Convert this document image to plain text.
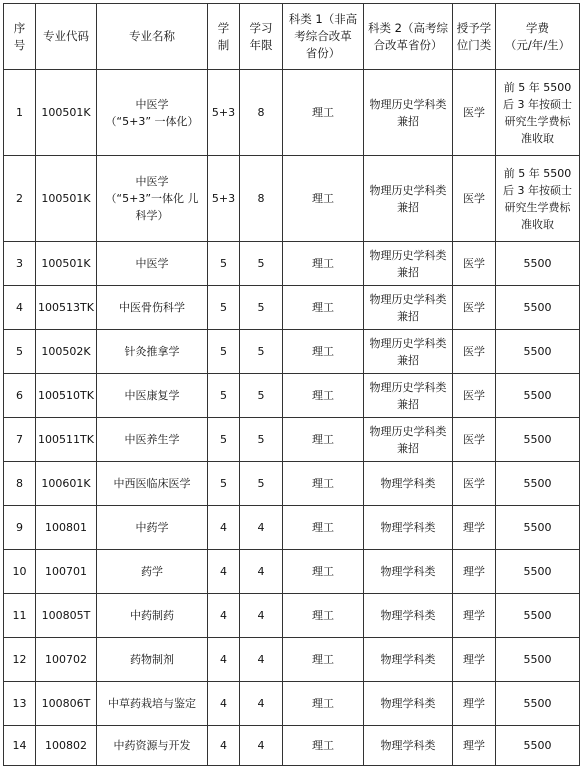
序
号	专业代码	专业名称	学
制	学习
年限	科类 1（非高
考综合改革
省份）	科类 2（高考综
合改革省份）	授予学
位门类	学费
（元/年/生）
1	100501K	中医学
（“5+3” 一体化）	5+3	8	理工	物理历史学科类
兼招	医学	前 5 年 5500
后 3 年按硕士
研究生学费标
准收取
2	100501K	中医学
（“5+3”一体化 儿
科学）	5+3	8	理工	物理历史学科类
兼招	医学	前 5 年 5500
后 3 年按硕士
研究生学费标
准收取
3	100501K	中医学	5	5	理工	物理历史学科类
兼招	医学	5500
4	100513TK	中医骨伤科学	5	5	理工	物理历史学科类
兼招	医学	5500
5	100502K	针灸推拿学	5	5	理工	物理历史学科类
兼招	医学	5500
6	100510TK	中医康复学	5	5	理工	物理历史学科类
兼招	医学	5500
7	100511TK	中医养生学	5	5	理工	物理历史学科类
兼招	医学	5500
8	100601K	中西医临床医学	5	5	理工	物理学科类	医学	5500
9	100801	中药学	4	4	理工	物理学科类	理学	5500
10	100701	药学	4	4	理工	物理学科类	理学	5500
11	100805T	中药制药	4	4	理工	物理学科类	理学	5500
12	100702	药物制剂	4	4	理工	物理学科类	理学	5500
13	100806T	中草药栽培与鉴定	4	4	理工	物理学科类	理学	5500
14	100802	中药资源与开发	4	4	理工	物理学科类	理学	5500
